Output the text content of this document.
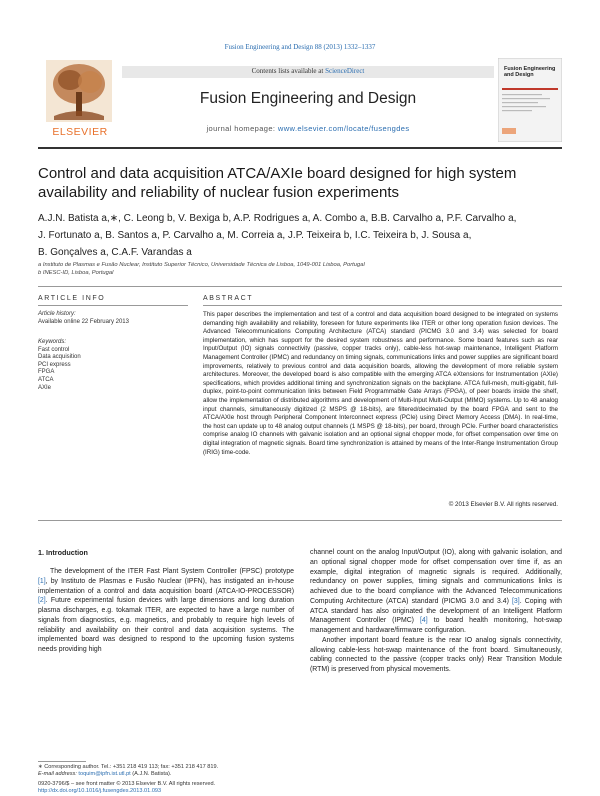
Fusion Engineering and Design 88 (2013) 1332–1337
Contents lists available at ScienceDirect
Fusion Engineering and Design
journal homepage: www.elsevier.com/locate/fusengdes
ELSEVIER
Fusion Engineering and Design
Control and data acquisition ATCA/AXIe board designed for high system availability and reliability of nuclear fusion experiments
A.J.N. Batista a,∗, C. Leong b, V. Bexiga b, A.P. Rodrigues a, A. Combo a, B.B. Carvalho a, P.F. Carvalho a,
J. Fortunato a, B. Santos a, P. Carvalho a, M. Correia a, J.P. Teixeira b, I.C. Teixeira b, J. Sousa a,
B. Gonçalves a, C.A.F. Varandas a
a Instituto de Plasmas e Fusão Nuclear, Instituto Superior Técnico, Universidade Técnica de Lisboa, 1049-001 Lisboa, Portugal
b INESC-ID, Lisboa, Portugal
ARTICLE INFO	ABSTRACT
Article history:
Available online 22 February 2013
Keywords:
Fast control
Data acquisition
PCI express
FPGA
ATCA
AXIe
This paper describes the implementation and test of a control and data acquisition board designed to be integrated on systems demanding high availability and reliability, foreseen for future experiments like ITER or other long operation fusion devices. The Advanced Telecommunications Computing Architecture (ATCA) standard (PICMG 3.0 and 3.4) was selected for board implementation, which has support for the desired system robustness and performance. Some board features such as rear Input/Output (IO) signals connectivity (passive, copper tracks only), cable-less hot-swap maintenance, Intelligent Platform Management Controller (IPMC) and redundancy on timing signals, communications links and power supplies are significant board improvements, relatively to previous control and data acquisition boards, allowing the development of more reliable system architectures. Moreover, the developed board is also compatible with the emerging ATCA eXtensions for Instrumentation (AXIe) specifications, which provides additional timing and synchronization signals on the backplane. ATCA full-mesh, multi-gigabit, full-duplex, point-to-point communication links between Field Programmable Gate Arrays (FPGA), of peer boards inside the shelf, allow the implementation of distributed algorithms and development of Multi-Input Multi-Output (MIMO) systems. Up to 48 analog input channels, simultaneously digitized (2 MSPS @ 18-bits), are filtered/decimated by the board FPGA and sent to the ATCA/AXIe host through Peripheral Component Interconnect express (PCIe) using Direct Memory Access (DMA). In real-time, the host can update up to 48 analog output channels (1 MSPS @ 18-bits), per board, through PCIe. Further board characteristics comprise analog IO channels with galvanic isolation and an optional signal chopper mode, for offset compensation over time on digital integration of magnetic signals. Board time synchronization is attained by means of the Inter-Range Instrumentation Group (IRIG) time-code.
© 2013 Elsevier B.V. All rights reserved.
1. Introduction

The development of the ITER Fast Plant System Controller (FPSC) prototype [1], by Instituto de Plasmas e Fusão Nuclear (IPFN), has instigated an in-house implementation of a control and data acquisition board (ATCA-IO-PROCESSOR) [2]. Future experimental fusion devices with large dimensions and long duration plasma discharges, e.g. tokamak ITER, are expected to have a large number of signals from diagnostics, e.g. magnetics, and probably to require high levels of reliability and availability on their control and data acquisition systems. The implemented board was designed to respond to the upcoming fusion systems needs providing high

channel count on the analog Input/Output (IO), along with galvanic isolation, and an optional signal chopper mode for offset compensation over time if, as an example, digital integration of magnetic signals is required. Additionally, redundancy on power supplies, timing signals and communications links is achieved due to the board compliance with the Advanced Telecommunications Computing Architecture (ATCA) standard (PICMG 3.0 and 3.4) [3]. Coping with ATCA standard has also originated the development of an Intelligent Platform Management Controller (IPMC) [4] to board health monitoring, hot-swap management and hardware/firmware configuration.

Another important board feature is the rear IO analog signals connectivity, allowing cable-less hot-swap maintenance of the front board. Simultaneously, cabling connected to the passive (copper tracks only) Rear Transition Module (RTM) is preserved from physical movements.

∗ Corresponding author. Tel.: +351 218 419 113; fax: +351 218 417 819.
E-mail address: toquim@ipfn.ist.utl.pt (A.J.N. Batista).
0920-3796/$ – see front matter © 2013 Elsevier B.V. All rights reserved.
http://dx.doi.org/10.1016/j.fusengdes.2013.01.093
